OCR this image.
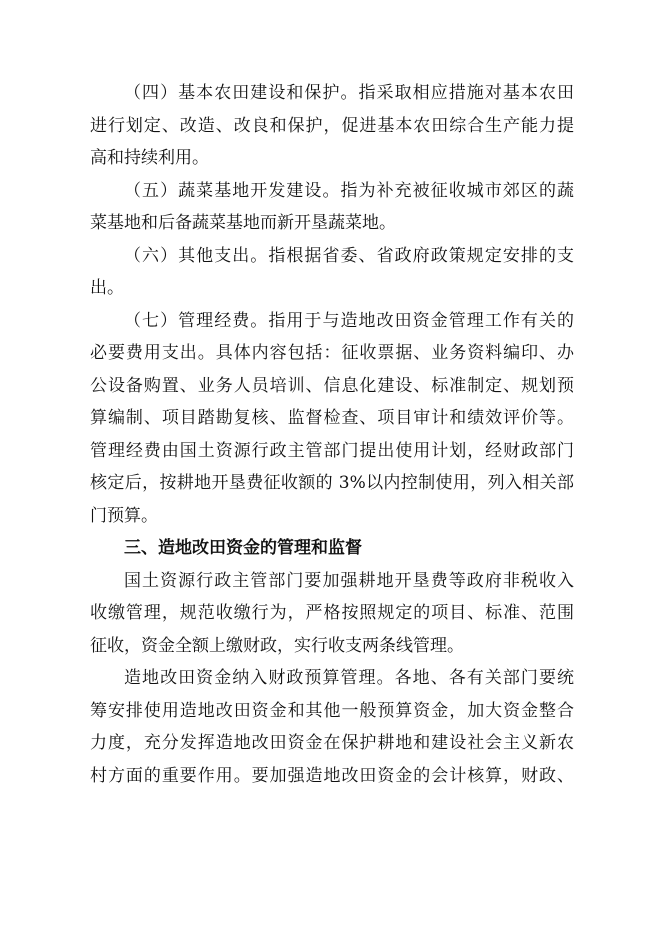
（四）基本农田建设和保护。指采取相应措施对基本农田
进行划定、改造、改良和保护，促进基本农田综合生产能力提
高和持续利用。
（五）蔬菜基地开发建设。指为补充被征收城市郊区的蔬
菜基地和后备蔬菜基地而新开垦蔬菜地。
（六）其他支出。指根据省委、省政府政策规定安排的支
出。
（七）管理经费。指用于与造地改田资金管理工作有关的
必要费用支出。具体内容包括：征收票据、业务资料编印、办
公设备购置、业务人员培训、信息化建设、标准制定、规划预
算编制、项目踏勘复核、监督检查、项目审计和绩效评价等。
管理经费由国土资源行政主管部门提出使用计划，经财政部门
核定后，按耕地开垦费征收额的 3%以内控制使用，列入相关部
门预算。
三、造地改田资金的管理和监督
国土资源行政主管部门要加强耕地开垦费等政府非税收入
收缴管理，规范收缴行为，严格按照规定的项目、标准、范围
征收，资金全额上缴财政，实行收支两条线管理。
造地改田资金纳入财政预算管理。各地、各有关部门要统
筹安排使用造地改田资金和其他一般预算资金，加大资金整合
力度，充分发挥造地改田资金在保护耕地和建设社会主义新农
村方面的重要作用。要加强造地改田资金的会计核算，财政、
